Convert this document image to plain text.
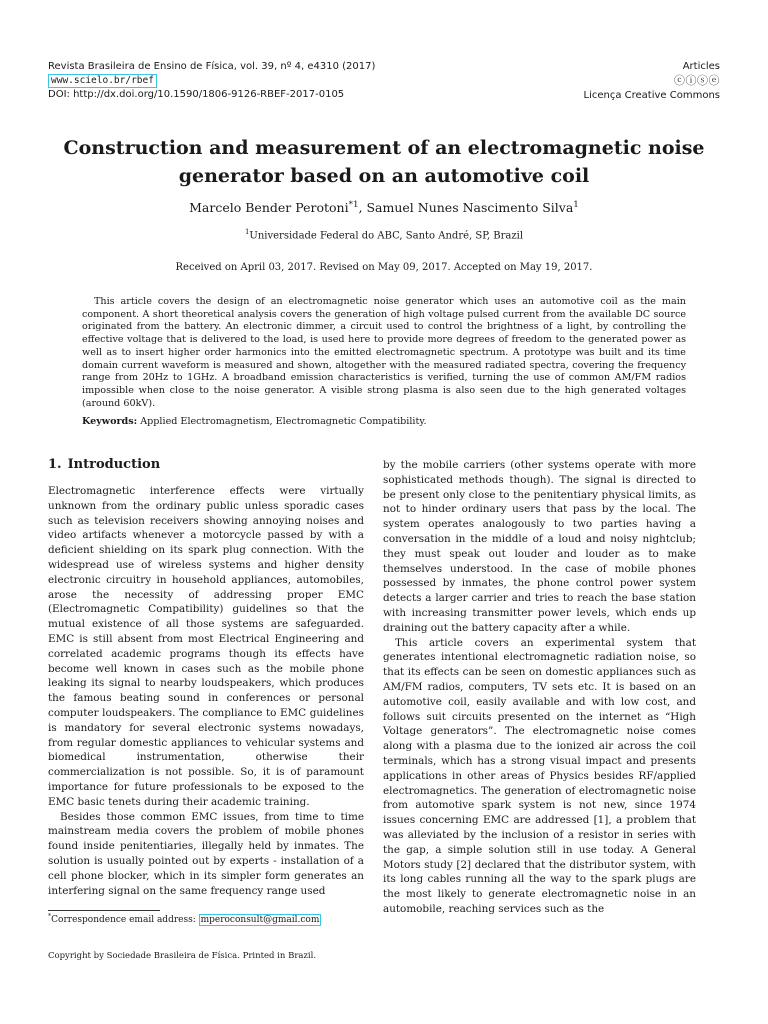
Revista Brasileira de Ensino de Física, vol. 39, nº 4, e4310 (2017)
www.scielo.br/rbef
DOI: http://dx.doi.org/10.1590/1806-9126-RBEF-2017-0105
Articles
ⓒⓘⓢⓔ
Licença Creative Commons
Construction and measurement of an electromagnetic noise generator based on an automotive coil
Marcelo Bender Perotoni$^{*1}$, Samuel Nunes Nascimento Silva$^1$
$^1$Universidade Federal do ABC, Santo André, SP, Brazil
Received on April 03, 2017. Revised on May 09, 2017. Accepted on May 19, 2017.
This article covers the design of an electromagnetic noise generator which uses an automotive coil as the main component. A short theoretical analysis covers the generation of high voltage pulsed current from the available DC source originated from the battery. An electronic dimmer, a circuit used to control the brightness of a light, by controlling the effective voltage that is delivered to the load, is used here to provide more degrees of freedom to the generated power as well as to insert higher order harmonics into the emitted electromagnetic spectrum. A prototype was built and its time domain current waveform is measured and shown, altogether with the measured radiated spectra, covering the frequency range from 20Hz to 1GHz. A broadband emission characteristics is verified, turning the use of common AM/FM radios impossible when close to the noise generator. A visible strong plasma is also seen due to the high generated voltages (around 60kV).
Keywords: Applied Electromagnetism, Electromagnetic Compatibility.
1. Introduction

Electromagnetic interference effects were virtually unknown from the ordinary public unless sporadic cases such as television receivers showing annoying noises and video artifacts whenever a motorcycle passed by with a deficient shielding on its spark plug connection. With the widespread use of wireless systems and higher density electronic circuitry in household appliances, automobiles, arose the necessity of addressing proper EMC (Electromagnetic Compatibility) guidelines so that the mutual existence of all those systems are safeguarded. EMC is still absent from most Electrical Engineering and correlated academic programs though its effects have become well known in cases such as the mobile phone leaking its signal to nearby loudspeakers, which produces the famous beating sound in conferences or personal computer loudspeakers. The compliance to EMC guidelines is mandatory for several electronic systems nowadays, from regular domestic appliances to vehicular systems and biomedical instrumentation, otherwise their commercialization is not possible. So, it is of paramount importance for future professionals to be exposed to the EMC basic tenets during their academic training.

Besides those common EMC issues, from time to time mainstream media covers the problem of mobile phones found inside penitentiaries, illegally held by inmates. The solution is usually pointed out by experts - installation of a cell phone blocker, which in its simpler form generates an interfering signal on the same frequency range used

by the mobile carriers (other systems operate with more sophisticated methods though). The signal is directed to be present only close to the penitentiary physical limits, as not to hinder ordinary users that pass by the local. The system operates analogously to two parties having a conversation in the middle of a loud and noisy nightclub; they must speak out louder and louder as to make themselves understood. In the case of mobile phones possessed by inmates, the phone control power system detects a larger carrier and tries to reach the base station with increasing transmitter power levels, which ends up draining out the battery capacity after a while.

This article covers an experimental system that generates intentional electromagnetic radiation noise, so that its effects can be seen on domestic appliances such as AM/FM radios, computers, TV sets etc. It is based on an automotive coil, easily available and with low cost, and follows suit circuits presented on the internet as “High Voltage generators”. The electromagnetic noise comes along with a plasma due to the ionized air across the coil terminals, which has a strong visual impact and presents applications in other areas of Physics besides RF/applied electromagnetics. The generation of electromagnetic noise from automotive spark system is not new, since 1974 issues concerning EMC are addressed [1], a problem that was alleviated by the inclusion of a resistor in series with the gap, a simple solution still in use today. A General Motors study [2] declared that the distributor system, with its long cables running all the way to the spark plugs are the most likely to generate electromagnetic noise in an automobile, reaching services such as the

*Correspondence email address: mperoconsult@gmail.com
Copyright by Sociedade Brasileira de Física. Printed in Brazil.
